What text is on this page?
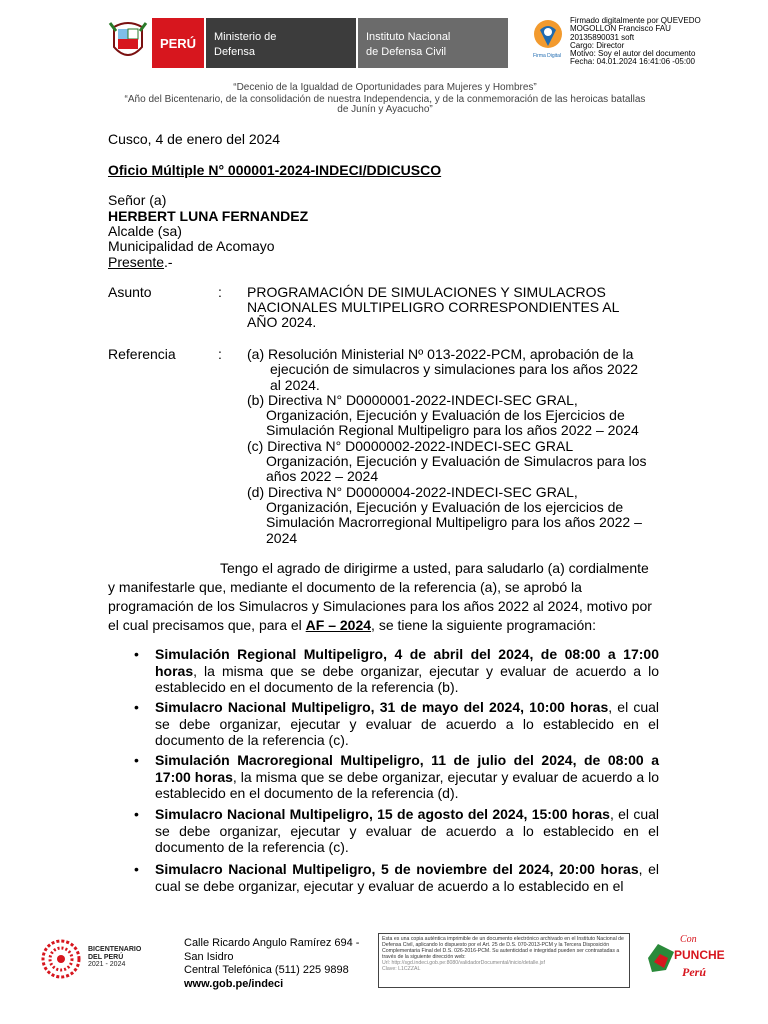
PERÚ	Ministerio de
Defensa
Instituto Nacional
de Defensa Civil	Firma Digital
Firmado digitalmente por QUEVEDO
MOGOLLON Francisco FAU
20135890031 soft
Cargo: Director
Motivo: Soy el autor del documento
Fecha: 04.01.2024 16:41:06 -05:00
“Decenio de la Igualdad de Oportunidades para Mujeres y Hombres”
“Año del Bicentenario, de la consolidación de nuestra Independencia, y de la conmemoración de las heroicas batallas
de Junín y Ayacucho”
Cusco, 4 de enero del 2024
Oficio Múltiple N° 000001-2024-INDECI/DDICUSCO
Señor (a)
HERBERT LUNA FERNANDEZ
Alcalde (sa)
Municipalidad de Acomayo
Presente.-
Asunto	: PROGRAMACIÓN DE SIMULACIONES Y SIMULACROS
NACIONALES MULTIPELIGRO CORRESPONDIENTES AL
AÑO 2024.
Referencia	: (a) Resolución Ministerial Nº 013-2022-PCM, aprobación de la
ejecución de simulacros y simulaciones para los años 2022
al 2024.
(b) Directiva N° D0000001-2022-INDECI-SEC GRAL,
Organización, Ejecución y Evaluación de los Ejercicios de
Simulación Regional Multipeligro para los años 2022 – 2024
(c) Directiva N° D0000002-2022-INDECI-SEC GRAL
Organización, Ejecución y Evaluación de Simulacros para los
años 2022 – 2024
(d) Directiva N° D0000004-2022-INDECI-SEC GRAL,
Organización, Ejecución y Evaluación de los ejercicios de
Simulación Macrorregional Multipeligro para los años 2022 –
2024
Tengo el agrado de dirigirme a usted, para saludarlo (a) cordialmente
y manifestarle que, mediante el documento de la referencia (a), se aprobó la
programación de los Simulacros y Simulaciones para los años 2022 al 2024, motivo por
el cual precisamos que, para el AF – 2024, se tiene la siguiente programación:
• Simulación Regional Multipeligro, 4 de abril del 2024, de 08:00 a 17:00 horas, la misma que se debe organizar, ejecutar y evaluar de acuerdo a lo establecido en el documento de la referencia (b).
• Simulacro Nacional Multipeligro, 31 de mayo del 2024, 10:00 horas, el cual se debe organizar, ejecutar y evaluar de acuerdo a lo establecido en el documento de la referencia (c).
• Simulación Macroregional Multipeligro, 11 de julio del 2024, de 08:00 a 17:00 horas, la misma que se debe organizar, ejecutar y evaluar de acuerdo a lo establecido en el documento de la referencia (d).
• Simulacro Nacional Multipeligro, 15 de agosto del 2024, 15:00 horas, el cual se debe organizar, ejecutar y evaluar de acuerdo a lo establecido en el documento de la referencia (c).
• Simulacro Nacional Multipeligro, 5 de noviembre del 2024, 20:00 horas, el cual se debe organizar, ejecutar y evaluar de acuerdo a lo establecido en el
BICENTENARIO
DEL PERÚ
2021 - 2024
Calle Ricardo Angulo Ramírez 694 -
San Isidro
Central Telefónica (511) 225 9898
www.gob.pe/indeci
Esta es una copia auténtica imprimible de un documento electrónico archivado en el Instituto Nacional de Defensa Civil, aplicando lo dispuesto por el Art. 25 de D.S. 070-2013-PCM y la Tercera Disposición Complementaria Final del D.S. 026-2016-PCM. Su autenticidad e integridad pueden ser contrastadas a través de la siguiente dirección web:
Url: http://sgd.indeci.gob.pe:8080/validadorDocumental/inicio/detalle.jsf
Clave: L1CZZAL
Con
PUNCHE
Perú
